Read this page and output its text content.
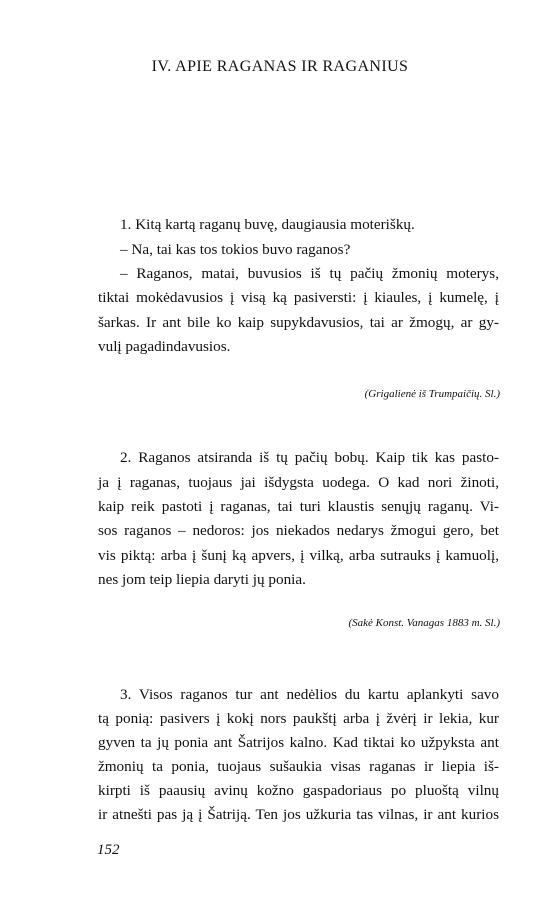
IV. APIE RAGANAS IR RAGANIUS
1. Kitą kartą raganų buvę, daugiausia moteriškų.
– Na, tai kas tos tokios buvo raganos?
– Raganos, matai, buvusios iš tų pačių žmonių moterys,
tiktai mokėdavusios į visą ką pasiversti: į kiaules, į kumelę, į
šarkas. Ir ant bile ko kaip supykdavusios, tai ar žmogų, ar gy-
vulį pagadindavusios.
(Grigalienė iš Trumpaičių. Sl.)
2. Raganos atsiranda iš tų pačių bobų. Kaip tik kas pasto-
ja į raganas, tuojaus jai išdygsta uodega. O kad nori žinoti,
kaip reik pastoti į raganas, tai turi klaustis senųjų raganų. Vi-
sos raganos – nedoros: jos niekados nedarys žmogui gero, bet
vis piktą: arba į šunį ką apvers, į vilką, arba sutrauks į kamuolį,
nes jom teip liepia daryti jų ponia.
(Sakė Konst. Vanagas 1883 m. Sl.)
3. Visos raganos tur ant nedėlios du kartu aplankyti savo
tą ponią: pasivers į kokį nors paukštį arba į žvėrį ir lekia, kur
gyven ta jų ponia ant Šatrijos kalno. Kad tiktai ko užpyksta ant
žmonių ta ponia, tuojaus sušaukia visas raganas ir liepia iš-
kirpti iš paausių avinų kožno gaspadoriaus po pluoštą vilnų
ir atnešti pas ją į Šatriją. Ten jos užkuria tas vilnas, ir ant kurios
152
